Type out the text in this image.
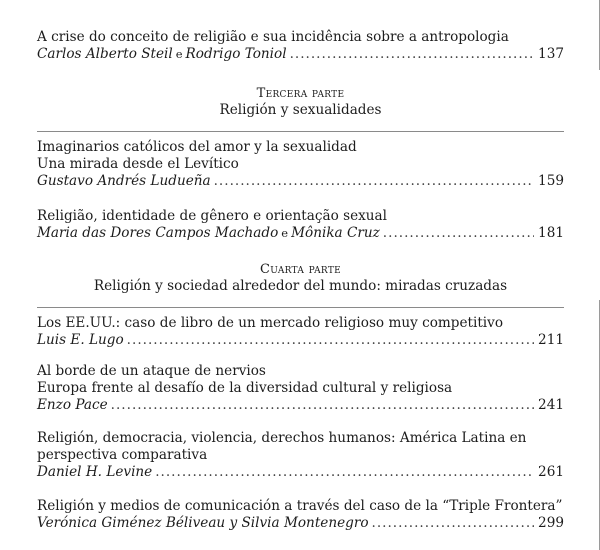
A crise do conceito de religião e sua incidência sobre a antropologia
Carlos Alberto Steil e Rodrigo Toniol .....	137
Tercera parte
Religión y sexualidades
Imaginarios católicos del amor y la sexualidad
Una mirada desde el Levítico
Gustavo Andrés Ludueña .....	159
Religião, identidade de gênero e orientação sexual
Maria das Dores Campos Machado e Mônika Cruz .....	181
Cuarta parte
Religión y sociedad alrededor del mundo: miradas cruzadas
Los EE.UU.: caso de libro de un mercado religioso muy competitivo
Luis E. Lugo .....	211
Al borde de un ataque de nervios
Europa frente al desafío de la diversidad cultural y religiosa
Enzo Pace .....	241
Religión, democracia, violencia, derechos humanos: América Latina en
perspectiva comparativa
Daniel H. Levine .....	261
Religión y medios de comunicación a través del caso de la “Triple Frontera”
Verónica Giménez Béliveau y Silvia Montenegro .....	299
